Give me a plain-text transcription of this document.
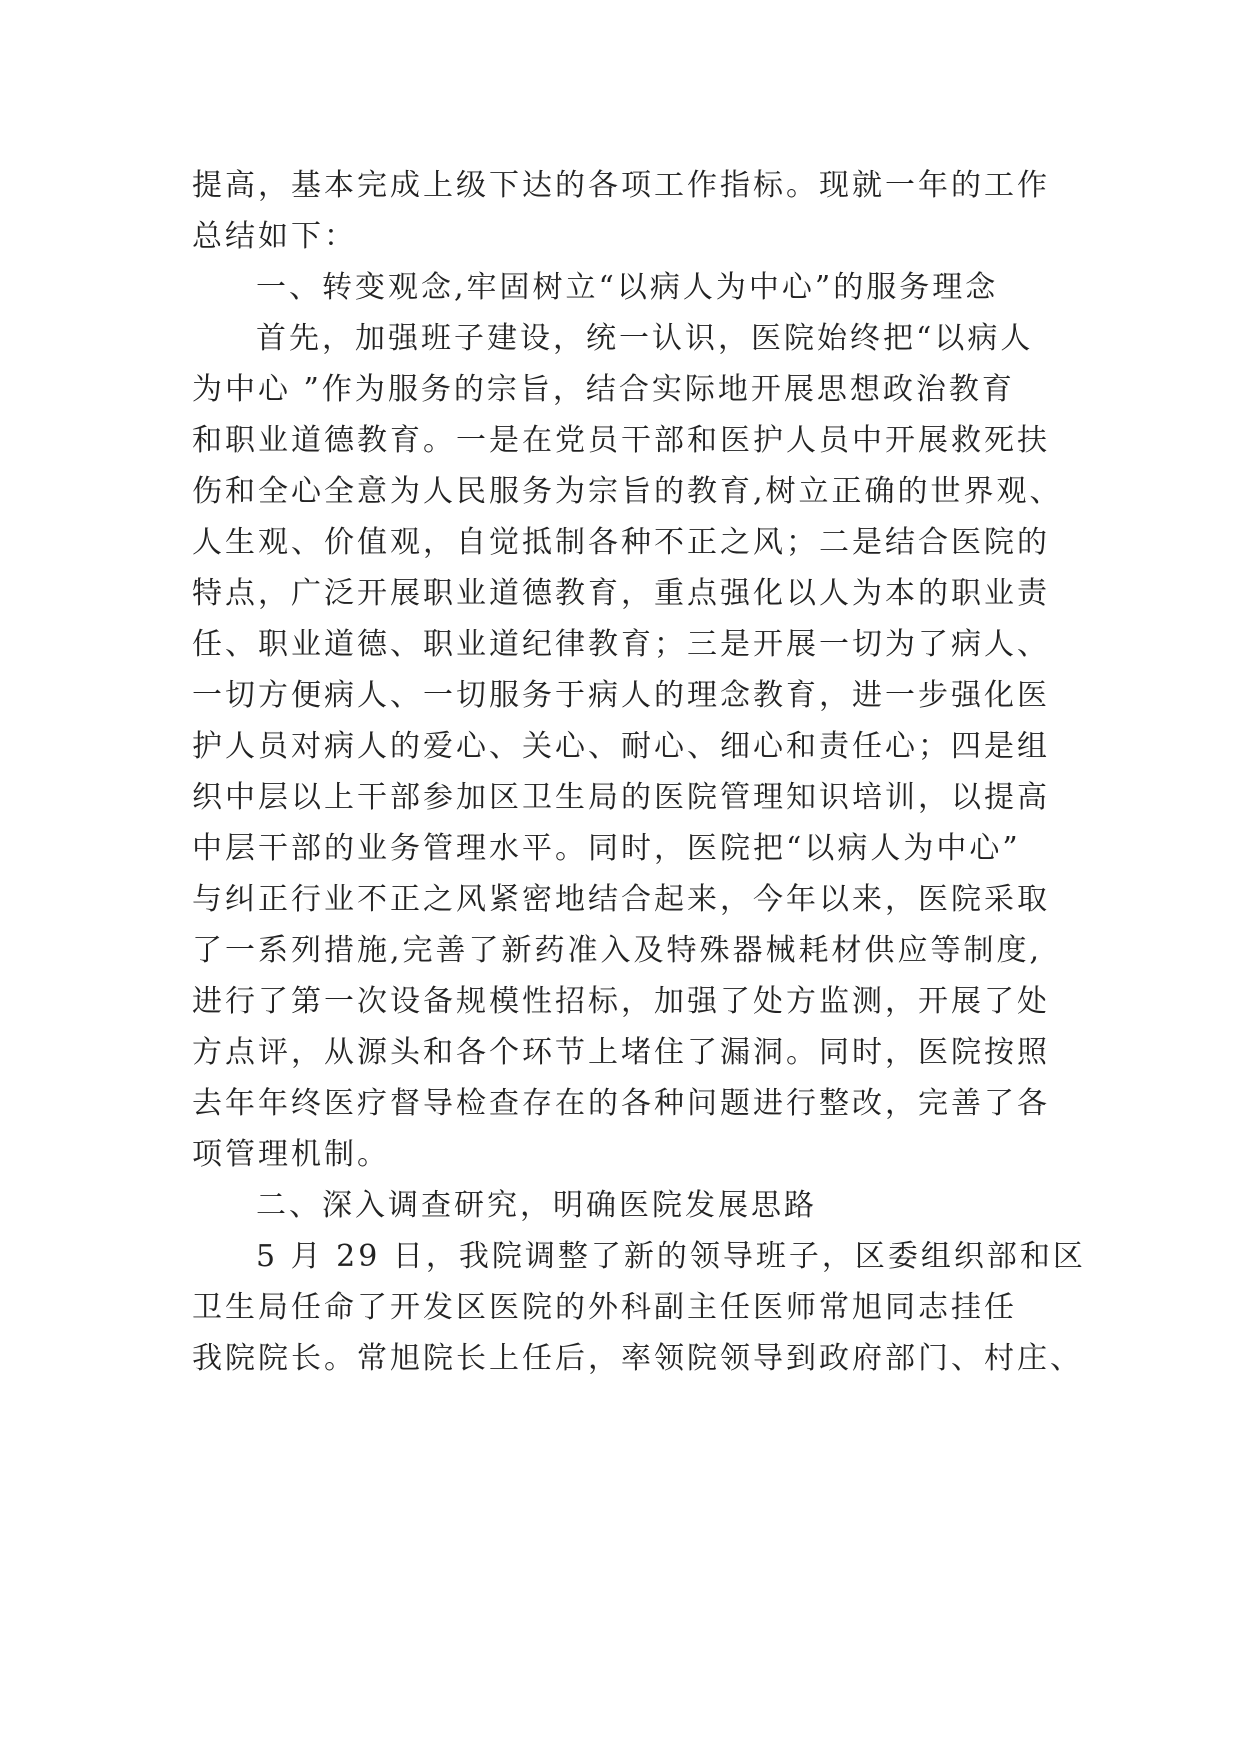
提高，基本完成上级下达的各项工作指标。现就一年的工作
总结如下：
一、转变观念,牢固树立“以病人为中心”的服务理念
首先，加强班子建设，统一认识，医院始终把“以病人
为中心 ”作为服务的宗旨，结合实际地开展思想政治教育
和职业道德教育。一是在党员干部和医护人员中开展救死扶
伤和全心全意为人民服务为宗旨的教育,树立正确的世界观、
人生观、价值观，自觉抵制各种不正之风；二是结合医院的
特点，广泛开展职业道德教育，重点强化以人为本的职业责
任、职业道德、职业道纪律教育；三是开展一切为了病人、
一切方便病人、一切服务于病人的理念教育，进一步强化医
护人员对病人的爱心、关心、耐心、细心和责任心；四是组
织中层以上干部参加区卫生局的医院管理知识培训，以提高
中层干部的业务管理水平。同时，医院把“以病人为中心”
与纠正行业不正之风紧密地结合起来，今年以来，医院采取
了一系列措施,完善了新药准入及特殊器械耗材供应等制度,
进行了第一次设备规模性招标，加强了处方监测，开展了处
方点评，从源头和各个环节上堵住了漏洞。同时，医院按照
去年年终医疗督导检查存在的各种问题进行整改，完善了各
项管理机制。
二、深入调查研究，明确医院发展思路
5 月 29 日，我院调整了新的领导班子，区委组织部和区
卫生局任命了开发区医院的外科副主任医师常旭同志挂任
我院院长。常旭院长上任后，率领院领导到政府部门、村庄、
